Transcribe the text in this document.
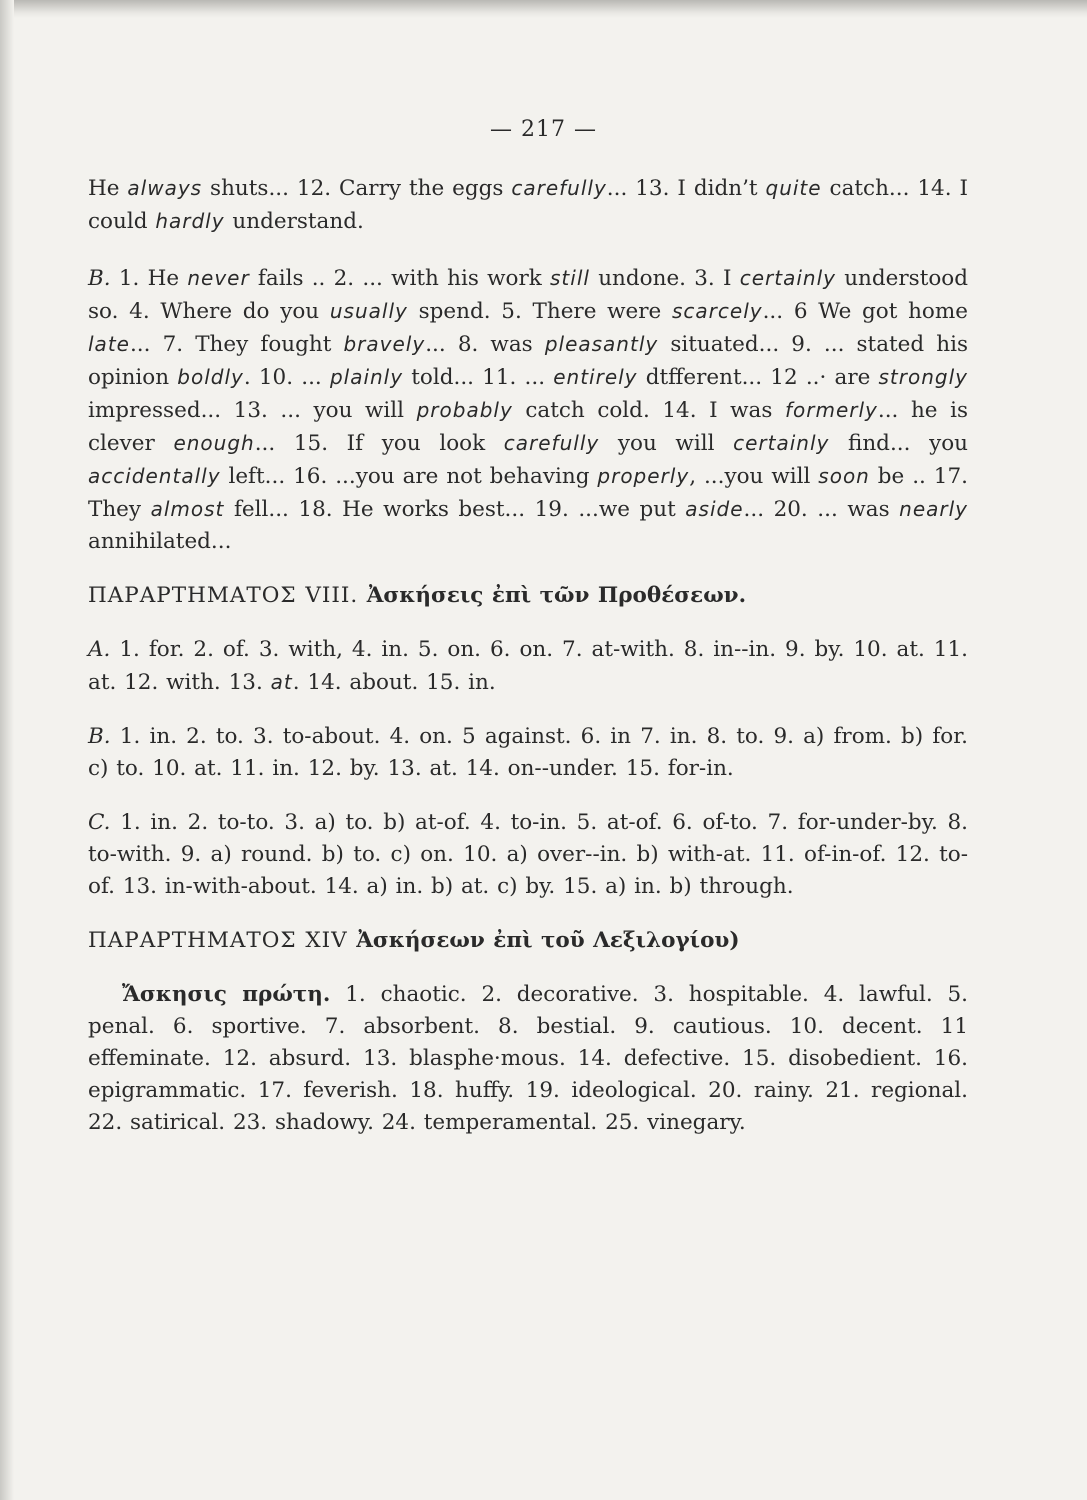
— 217 —

He always shuts... 12. Carry the eggs carefully... 13. I didn’t quite catch... 14. I could hardly understand.

B. 1. He never fails .. 2. ... with his work still undone. 3. I certainly understood so. 4. Where do you usually spend. 5. There were scarcely... 6 We got home late... 7. They fought bravely... 8. was pleasantly situated... 9. ... stated his opinion boldly. 10. ... plainly told... 11. ... entirely dtfferent... 12 ..· are strongly impressed... 13. ... you will probably catch cold. 14. I was formerly... he is clever enough... 15. If you look carefully you will certainly find... you accidentally left... 16. ...you are not behaving properly, ...you will soon be .. 17. They almost fell... 18. He works best... 19. ...we put aside... 20. ... was nearly annihilated...

ΠΑΡΑΡΤΗΜΑΤΟΣ VIII. Ἀσκήσεις ἐπὶ τῶν Προθέσεων.

A. 1. for. 2. of. 3. with, 4. in. 5. on. 6. on. 7. at-with. 8. in--in. 9. by. 10. at. 11. at. 12. with. 13. at. 14. about. 15. in.

B. 1. in. 2. to. 3. to-about. 4. on. 5 against. 6. in 7. in. 8. to. 9. a) from. b) for. c) to. 10. at. 11. in. 12. by. 13. at. 14. on--under. 15. for-in.

C. 1. in. 2. to-to. 3. a) to. b) at-of. 4. to-in. 5. at-of. 6. of-to. 7. for-under-by. 8. to-with. 9. a) round. b) to. c) on. 10. a) over--in. b) with-at. 11. of-in-of. 12. to-of. 13. in-with-about. 14. a) in. b) at. c) by. 15. a) in. b) through.

ΠΑΡΑΡΤΗΜΑΤΟΣ XIV Ἀσκήσεων ἐπὶ τοῦ Λεξιλογίου)

Ἄσκησις πρώτη. 1. chaotic. 2. decorative. 3. hospitable. 4. lawful. 5. penal. 6. sportive. 7. absorbent. 8. bestial. 9. cautious. 10. decent. 11 effeminate. 12. absurd. 13. blasphe·mous. 14. defective. 15. disobedient. 16. epigrammatic. 17. feverish. 18. huffy. 19. ideological. 20. rainy. 21. regional. 22. satirical. 23. shadowy. 24. temperamental. 25. vinegary.
